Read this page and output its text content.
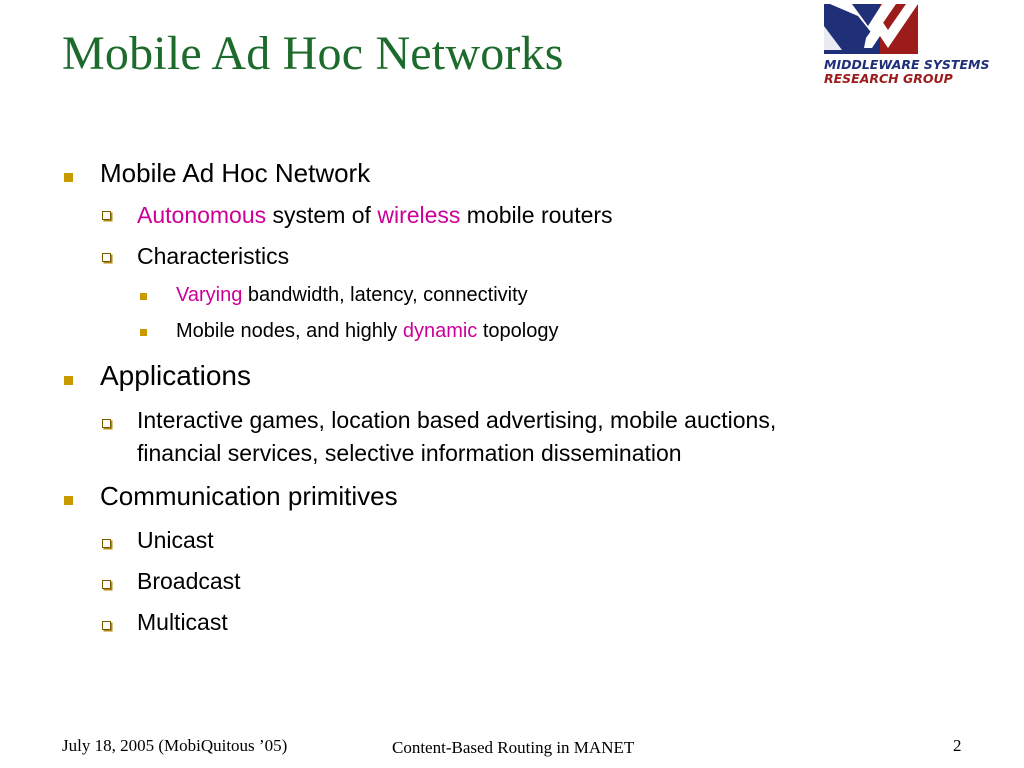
Mobile Ad Hoc Networks	MIDDLEWARE SYSTEMS
RESEARCH GROUP
Mobile Ad Hoc Network
Autonomous system of wireless mobile routers
Characteristics
Varying bandwidth, latency, connectivity
Mobile nodes, and highly dynamic topology
Applications
Interactive games, location based advertising, mobile auctions,
financial services, selective information dissemination
Communication primitives
Unicast
Broadcast
Multicast
July 18, 2005 (MobiQuitous ’05)	Content-Based Routing in MANET	2
